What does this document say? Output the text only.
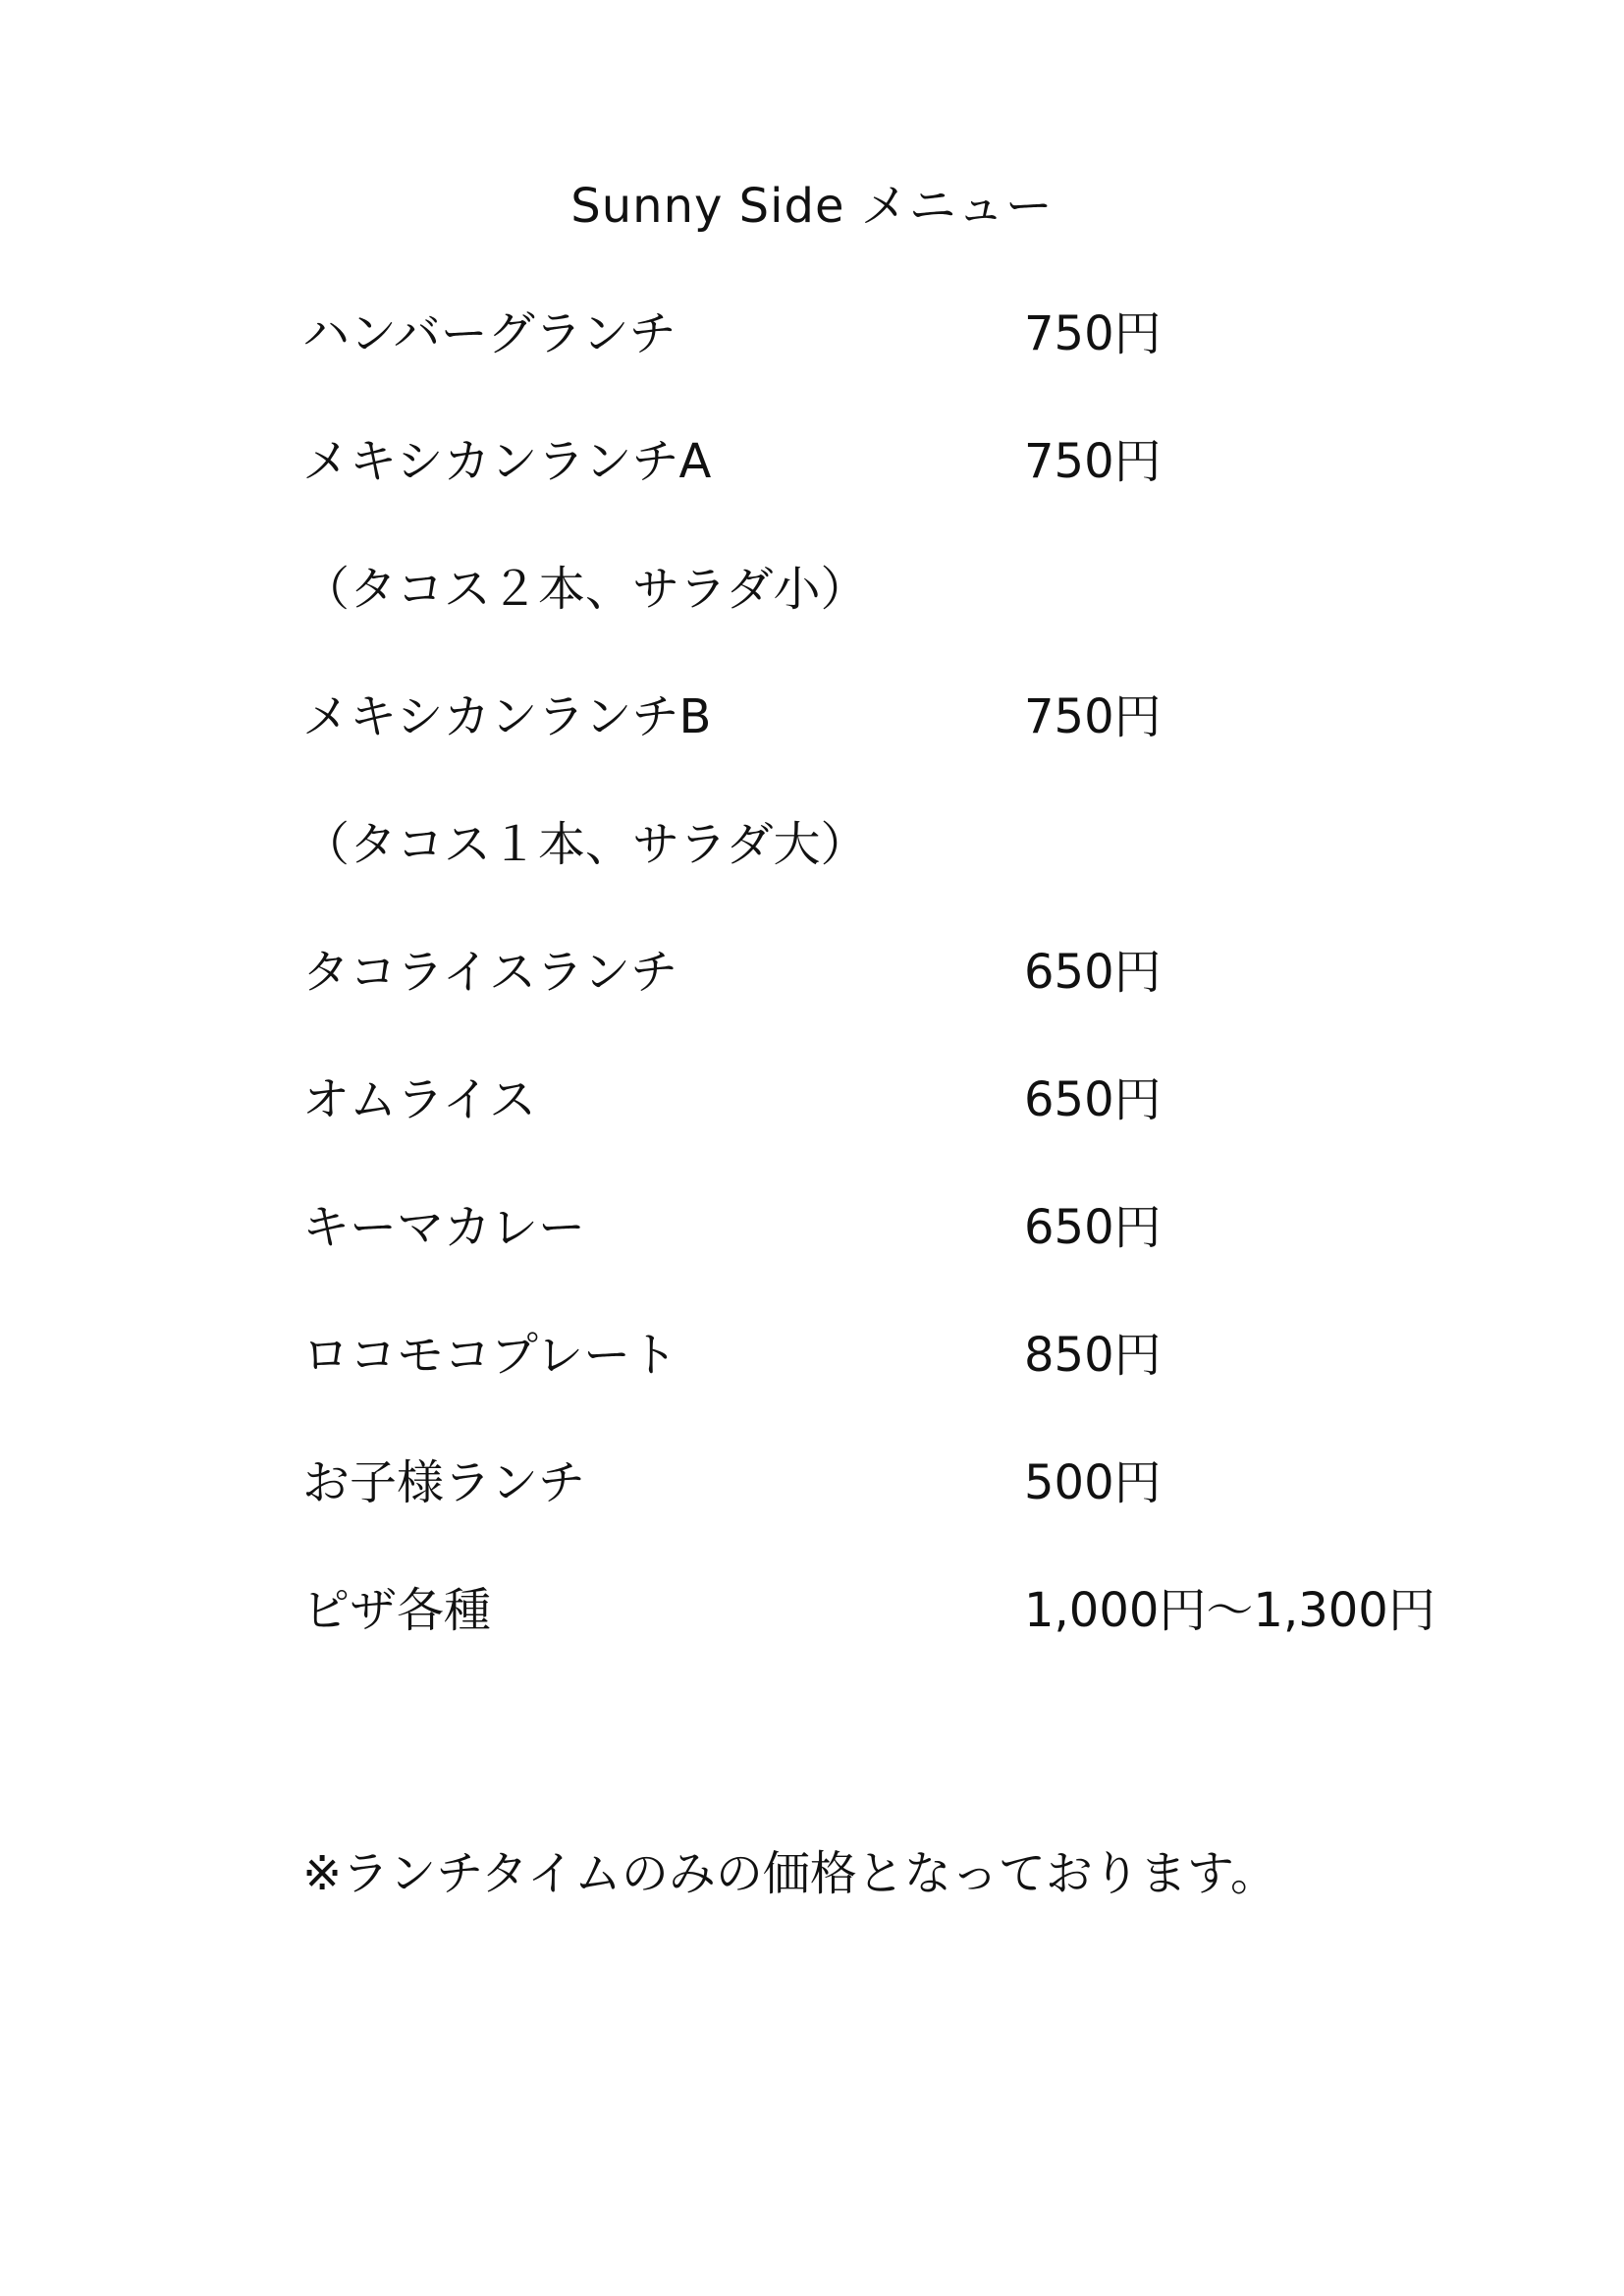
Sunny Side メニュー
ハンバーグランチ	750円
メキシカンランチA	750円
（タコス２本、サラダ小）
メキシカンランチB	750円
（タコス１本、サラダ大）
タコライスランチ	650円
オムライス	650円
キーマカレー	650円
ロコモコプレート	850円
お子様ランチ	500円
ピザ各種	1,000円～1,300円
※ランチタイムのみの価格となっております。
